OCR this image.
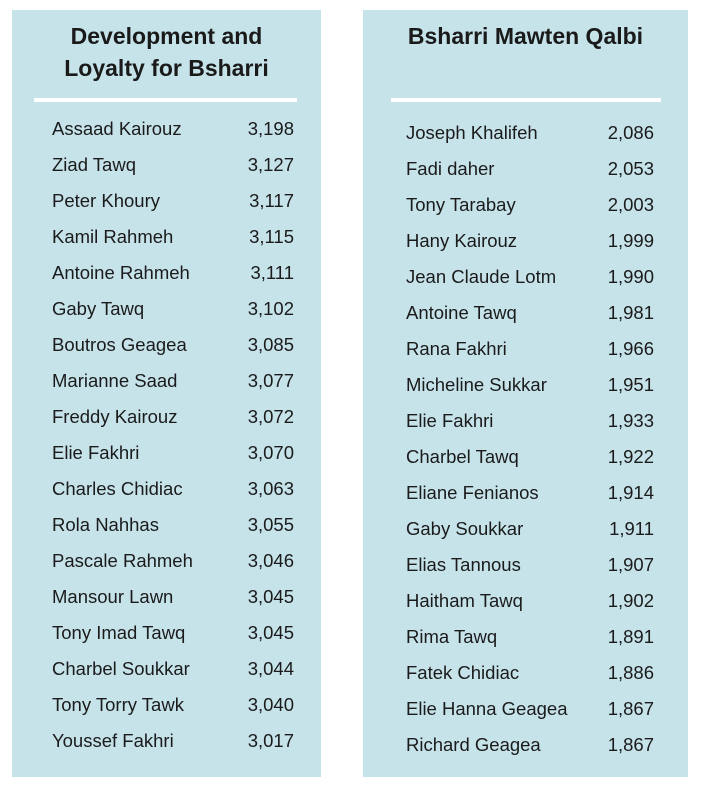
Development and
Loyalty for Bsharri
Assaad Kairouz	3,198
Ziad Tawq	3,127
Peter Khoury	3,117
Kamil Rahmeh	3,115
Antoine Rahmeh	3,111
Gaby Tawq	3,102
Boutros Geagea	3,085
Marianne Saad	3,077
Freddy Kairouz	3,072
Elie Fakhri	3,070
Charles Chidiac	3,063
Rola Nahhas	3,055
Pascale Rahmeh	3,046
Mansour Lawn	3,045
Tony Imad Tawq	3,045
Charbel Soukkar	3,044
Tony Torry Tawk	3,040
Youssef Fakhri	3,017
Bsharri Mawten Qalbi
Joseph Khalifeh	2,086
Fadi daher	2,053
Tony Tarabay	2,003
Hany Kairouz	1,999
Jean Claude Lotm	1,990
Antoine Tawq	1,981
Rana Fakhri	1,966
Micheline Sukkar	1,951
Elie Fakhri	1,933
Charbel Tawq	1,922
Eliane Fenianos	1,914
Gaby Soukkar	1,911
Elias Tannous	1,907
Haitham Tawq	1,902
Rima Tawq	1,891
Fatek Chidiac	1,886
Elie Hanna Geagea 1,867
Richard Geagea	1,867
